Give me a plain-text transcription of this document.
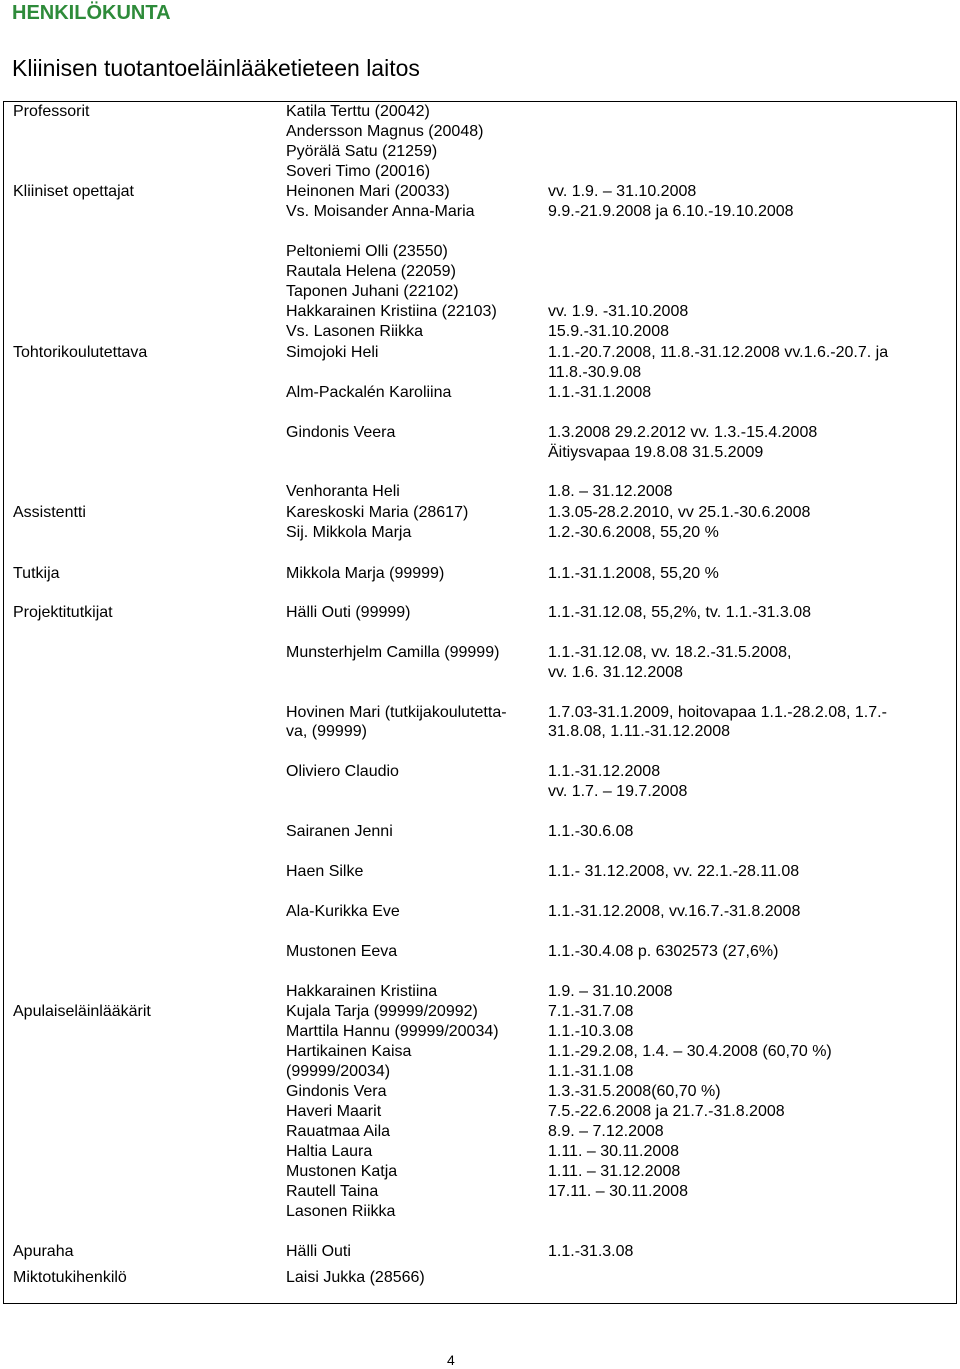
HENKILÖKUNTA
Kliinisen tuotantoeläinlääketieteen laitos
Professorit
Kliiniset opettajat
Tohtorikoulutettava
Assistentti
Tutkija
Projektitutkijat
Apulaiseläinlääkärit
Apuraha
Miktotukihenkilö
Katila Terttu (20042)
Andersson Magnus (20048)
Pyörälä Satu (21259)
Soveri Timo (20016)
Heinonen Mari (20033)
Vs. Moisander Anna-Maria
Peltoniemi Olli (23550)
Rautala Helena (22059)
Taponen Juhani (22102)
Hakkarainen Kristiina (22103)
Vs. Lasonen Riikka
Simojoki Heli
Alm-Packalén Karoliina
Gindonis Veera
Venhoranta Heli
Kareskoski Maria (28617)
Sij. Mikkola Marja
Mikkola Marja (99999)
Hälli Outi (99999)
Munsterhjelm Camilla (99999)
Hovinen Mari (tutkijakoulutetta-
va, (99999)
Oliviero Claudio
Sairanen Jenni
Haen Silke
Ala-Kurikka Eve
Mustonen Eeva
Hakkarainen Kristiina
Kujala Tarja (99999/20992)
Marttila Hannu (99999/20034)
Hartikainen Kaisa
(99999/20034)
Gindonis Vera
Haveri Maarit
Rauatmaa Aila
Haltia Laura
Mustonen Katja
Rautell Taina
Lasonen Riikka
Hälli Outi
Laisi Jukka (28566)
vv. 1.9. – 31.10.2008
9.9.-21.9.2008 ja 6.10.-19.10.2008
vv. 1.9. -31.10.2008
15.9.-31.10.2008
1.1.-20.7.2008, 11.8.-31.12.2008 vv.1.6.-20.7. ja
11.8.-30.9.08
1.1.-31.1.2008
1.3.2008 29.2.2012 vv. 1.3.-15.4.2008
Äitiysvapaa 19.8.08 31.5.2009
1.8. – 31.12.2008
1.3.05-28.2.2010, vv 25.1.-30.6.2008
1.2.-30.6.2008, 55,20 %
1.1.-31.1.2008, 55,20 %
1.1.-31.12.08, 55,2%, tv. 1.1.-31.3.08
1.1.-31.12.08, vv. 18.2.-31.5.2008,
vv. 1.6. 31.12.2008
1.7.03-31.1.2009, hoitovapaa 1.1.-28.2.08, 1.7.-
31.8.08, 1.11.-31.12.2008
1.1.-31.12.2008
vv. 1.7. – 19.7.2008
1.1.-30.6.08
1.1.- 31.12.2008, vv. 22.1.-28.11.08
1.1.-31.12.2008, vv.16.7.-31.8.2008
1.1.-30.4.08 p. 6302573 (27,6%)
1.9. – 31.10.2008
7.1.-31.7.08
1.1.-10.3.08
1.1.-29.2.08, 1.4. – 30.4.2008 (60,70 %)
1.1.-31.1.08
1.3.-31.5.2008(60,70 %)
7.5.-22.6.2008 ja 21.7.-31.8.2008
8.9. – 7.12.2008
1.11. – 30.11.2008
1.11. – 31.12.2008
17.11. – 30.11.2008
1.1.-31.3.08
4
